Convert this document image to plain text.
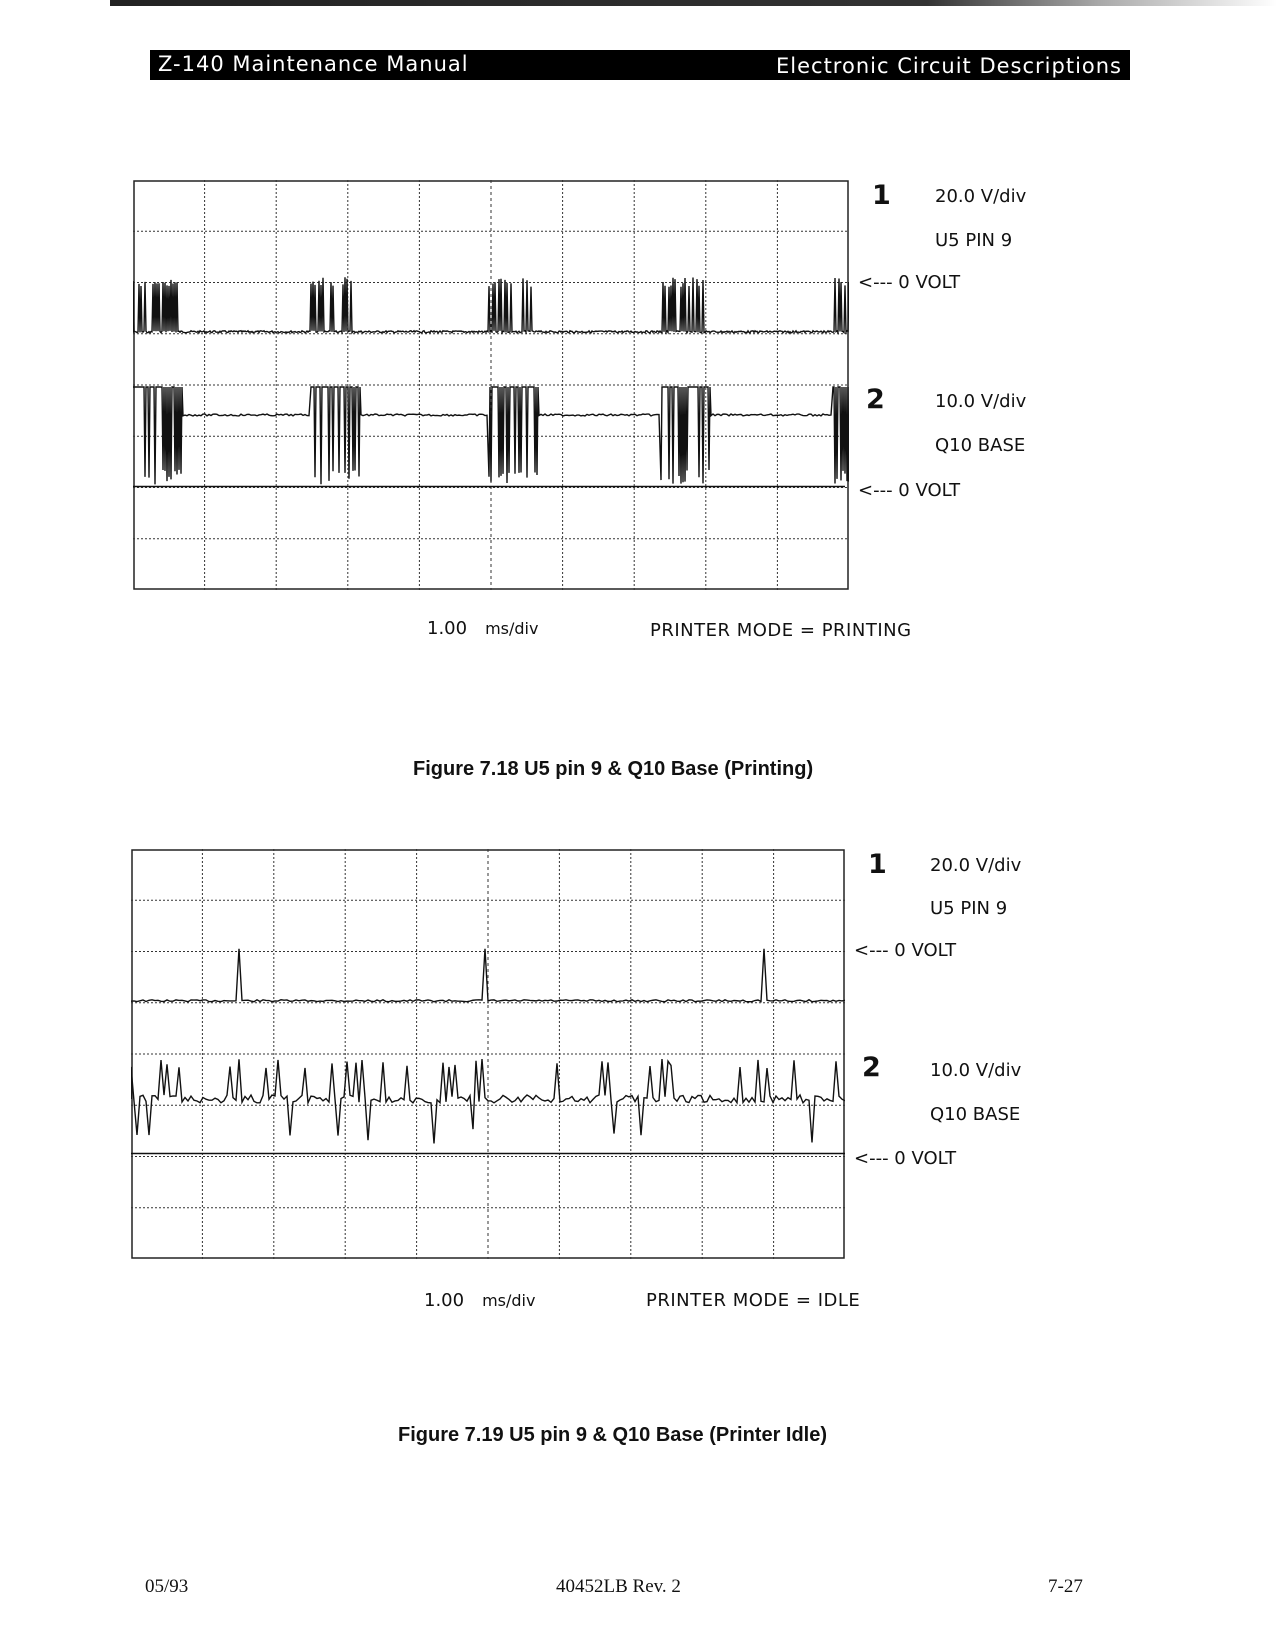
Z-140 Maintenance Manual	Electronic Circuit Descriptions
1 20.0 V/div
U5 PIN 9
<--- 0 VOLT
2	10.0 V/div
Q10 BASE
<--- 0 VOLT
1.00 ms/div	PRINTER MODE = PRINTING
Figure 7.18 U5 pin 9 & Q10 Base (Printing)
1 20.0 V/div
U5 PIN 9
<--- 0 VOLT
2	10.0 V/div
Q10 BASE
<--- 0 VOLT
1.00 ms/div	PRINTER MODE = IDLE
Figure 7.19 U5 pin 9 & Q10 Base (Printer Idle)
05/93	40452LB Rev. 2	7-27
